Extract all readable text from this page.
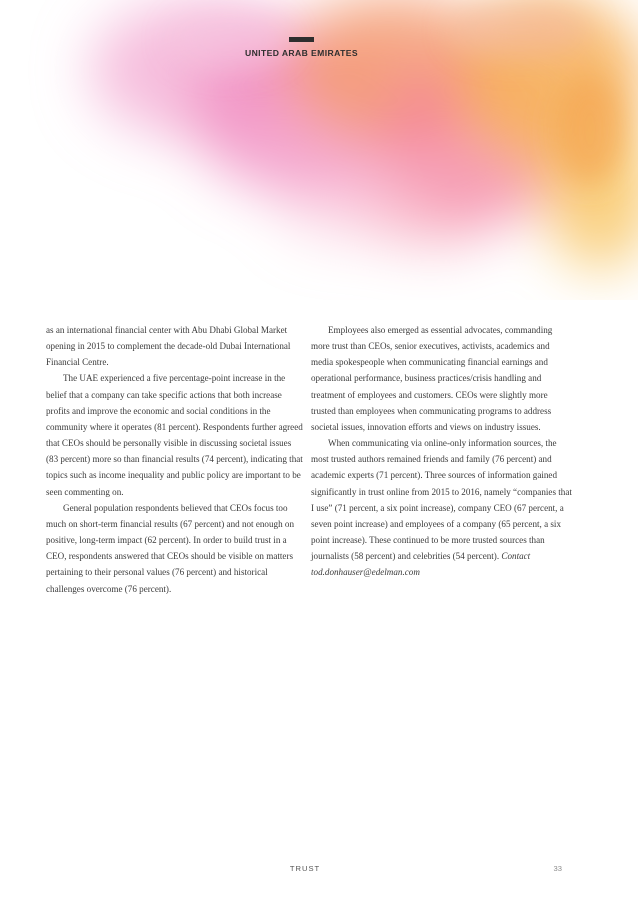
UNITED ARAB EMIRATES

as an international financial center with Abu Dhabi Global Market opening in 2015 to complement the decade-old Dubai International Financial Centre.

The UAE experienced a five percentage-point increase in the belief that a company can take specific actions that both increase profits and improve the economic and social conditions in the community where it operates (81 percent). Respondents further agreed that CEOs should be personally visible in discussing societal issues (83 percent) more so than financial results (74 percent), indicating that topics such as income inequality and public policy are important to be seen commenting on.

General population respondents believed that CEOs focus too much on short-term financial results (67 percent) and not enough on positive, long-term impact (62 percent). In order to build trust in a CEO, respondents answered that CEOs should be visible on matters pertaining to their personal values (76 percent) and historical challenges overcome (76 percent).

Employees also emerged as essential advocates, commanding more trust than CEOs, senior executives, activists, academics and media spokespeople when communicating financial earnings and operational performance, business practices/crisis handling and treatment of employees and customers. CEOs were slightly more trusted than employees when communicating programs to address societal issues, innovation efforts and views on industry issues.

When communicating via online-only information sources, the most trusted authors remained friends and family (76 percent) and academic experts (71 percent). Three sources of information gained significantly in trust online from 2015 to 2016, namely “companies that I use” (71 percent, a six point increase), company CEO (67 percent, a seven point increase) and employees of a company (65 percent, a six point increase). These continued to be more trusted sources than journalists (58 percent) and celebrities (54 percent). Contact tod.donhauser@edelman.com

TRUST	33
